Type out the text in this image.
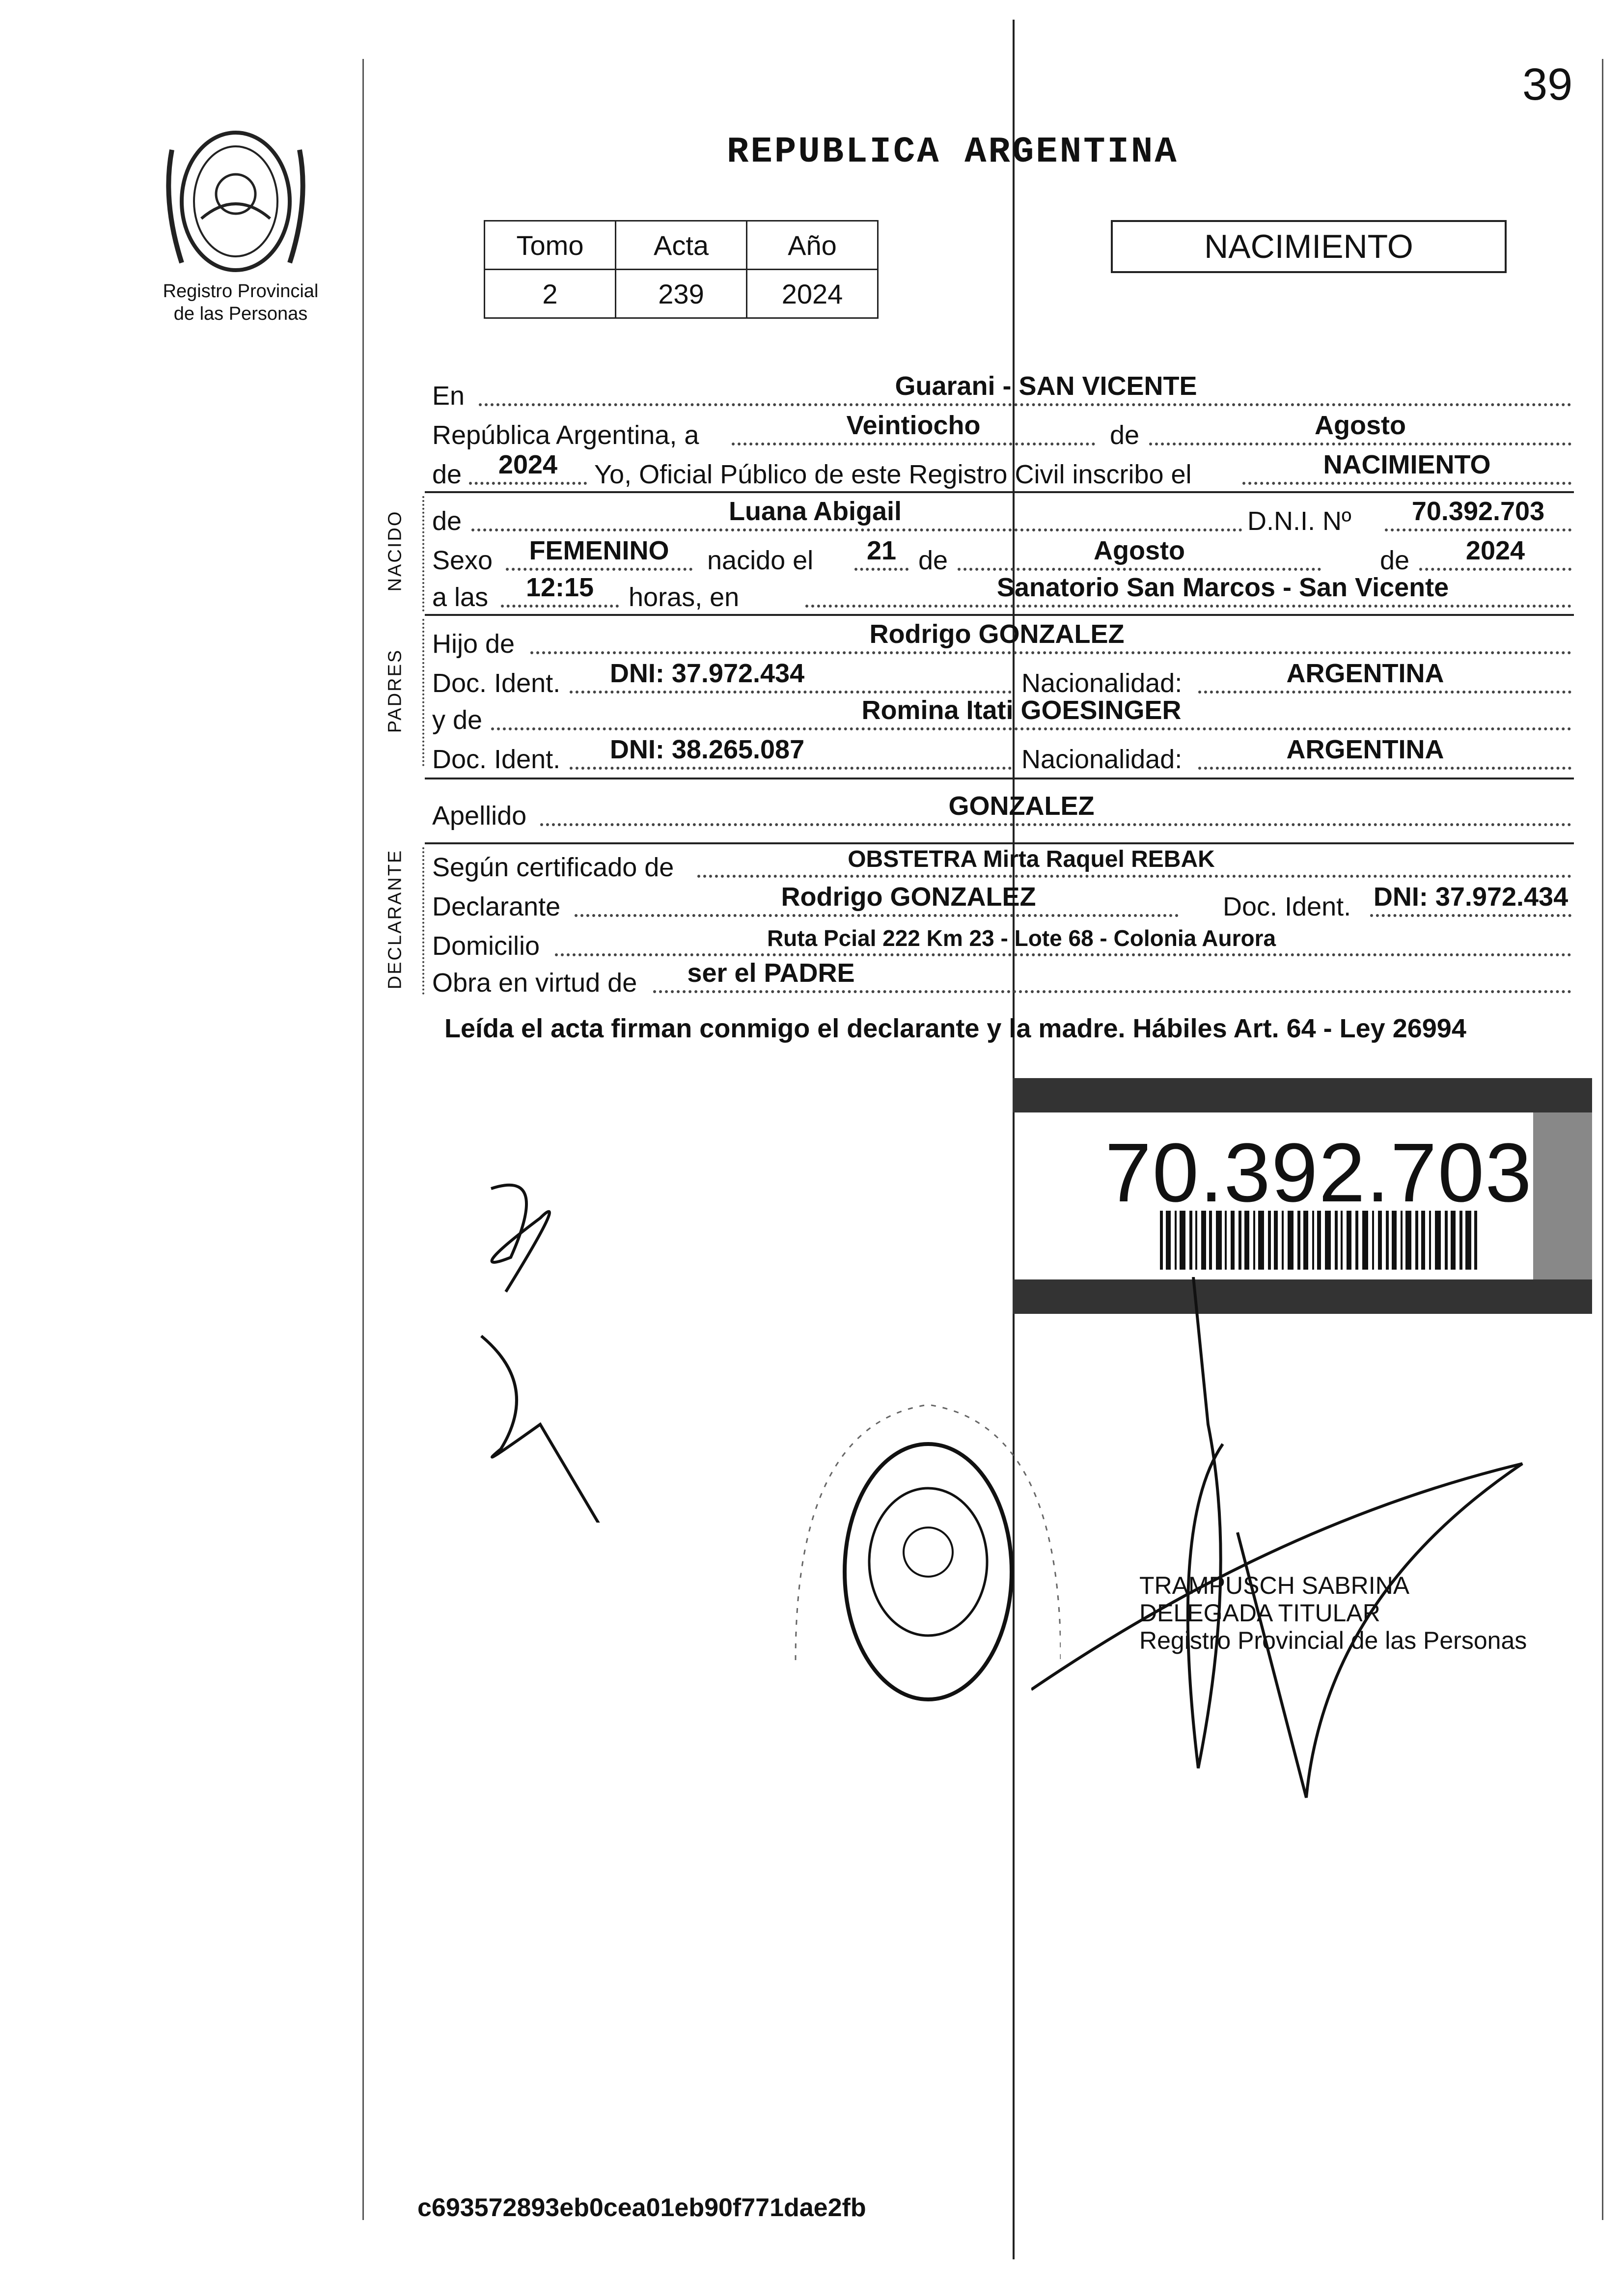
39
REPUBLICA ARGENTINA
Registro Provincial
de las Personas
Tomo	Acta	Año
2	239	2024
NACIMIENTO
En	Guarani - SAN VICENTE
República Argentina, a	Veintiocho	de	Agosto
de	2024	Yo, Oficial Público de este Registro Civil inscribo el	NACIMIENTO
NACIDO de	Luana Abigail	D.N.I. Nº	70.392.703
Sexo	FEMENINO	nacido el	21 de	Agosto	de	2024
a las	12:15	horas, en	Sanatorio San Marcos - San Vicente
PADRES
Hijo de	Rodrigo GONZALEZ
Doc. Ident.	DNI: 37.972.434	Nacionalidad:	ARGENTINA
y de	Romina Itati GOESINGER
Doc. Ident.	DNI: 38.265.087	Nacionalidad:	ARGENTINA
Apellido	GONZALEZ
DECLARANTE Según certificado de	OBSTETRA Mirta Raquel REBAK
Declarante	Rodrigo GONZALEZ	Doc. Ident. DNI: 37.972.434
Domicilio	Ruta Pcial 222 Km 23 - Lote 68 - Colonia Aurora
Obra en virtud de	ser el PADRE
Leída el acta firman conmigo el declarante y la madre. Hábiles Art. 64 - Ley 26994
70.392.703
TRAMPUSCH SABRINA
DELEGADA TITULAR
Registro Provincial de las Personas
c693572893eb0cea01eb90f771dae2fb
